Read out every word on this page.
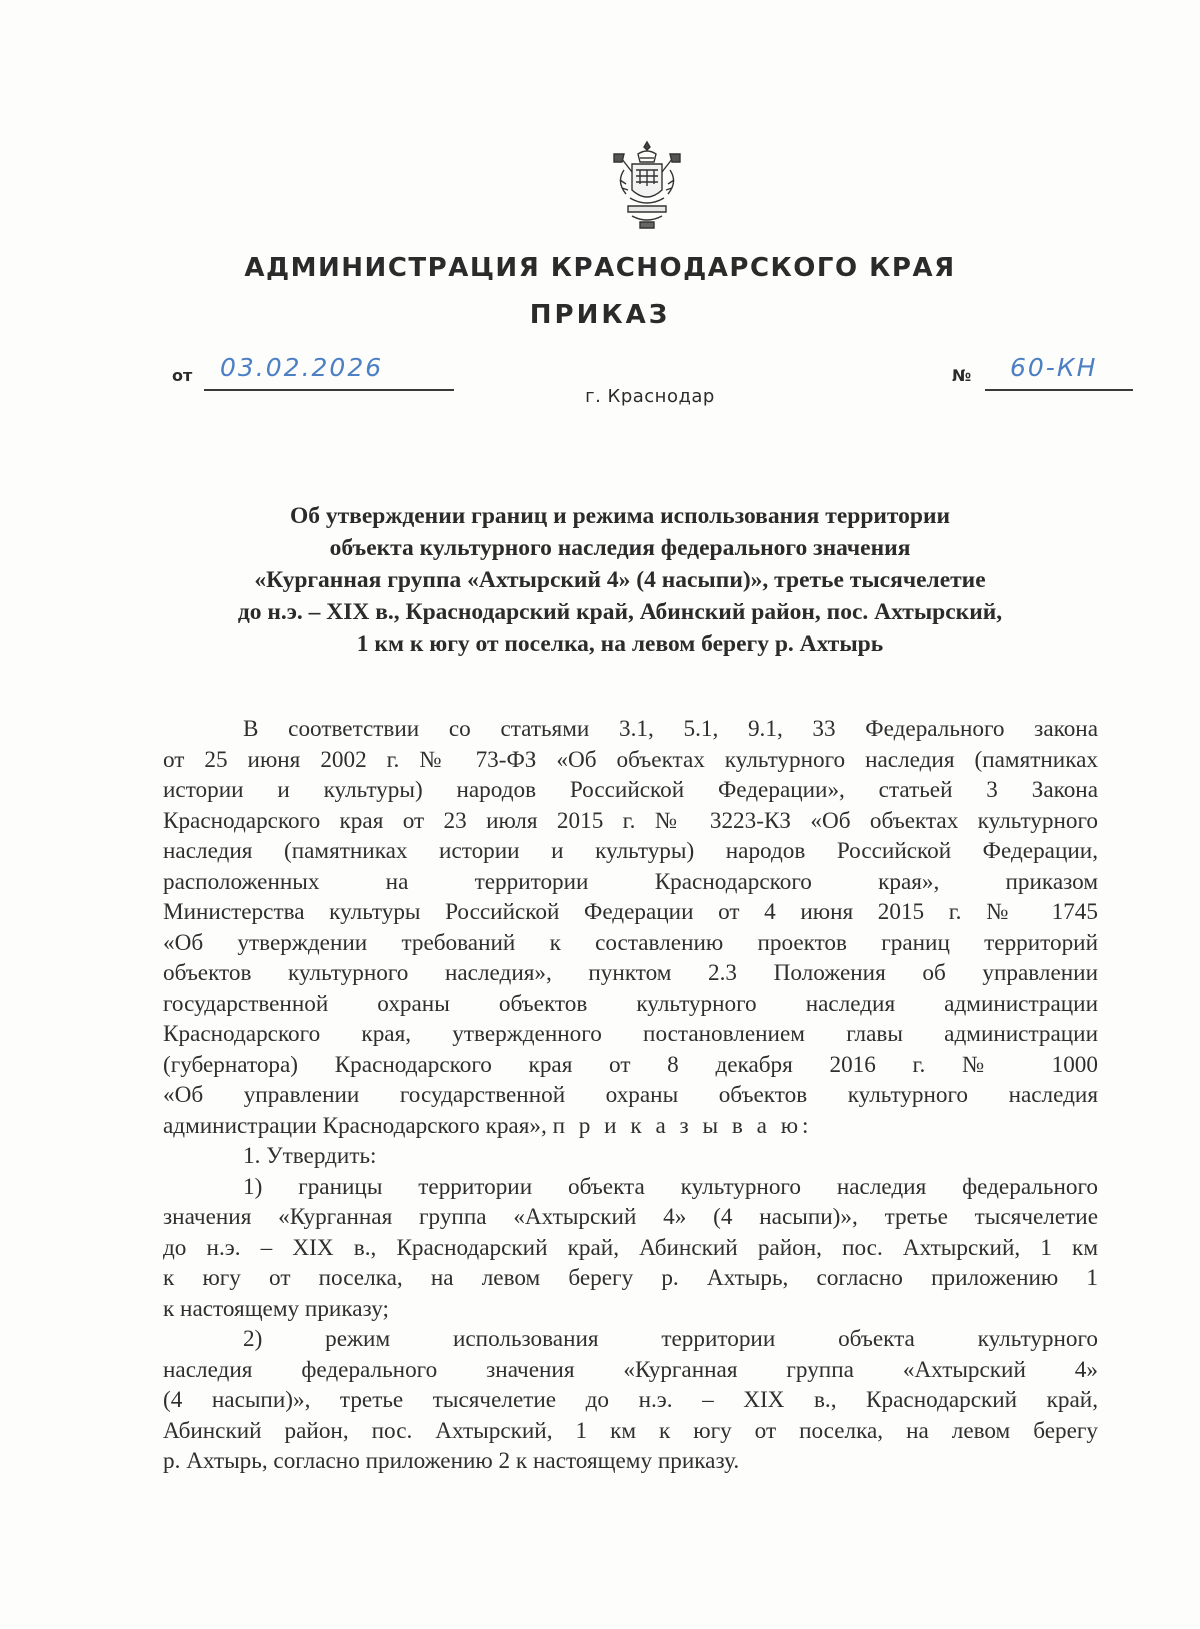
АДМИНИСТРАЦИЯ КРАСНОДАРСКОГО КРАЯ
ПРИКАЗ
от 03.02.2026	№ 60-КН
г. Краснодар
Об утверждении границ и режима использования территории
объекта культурного наследия федерального значения
«Курганная группа «Ахтырский 4» (4 насыпи)», третье тысячелетие
до н.э. – XIX в., Краснодарский край, Абинский район, пос. Ахтырский,
1 км к югу от поселка, на левом берегу р. Ахтырь
В соответствии со статьями 3.1, 5.1, 9.1, 33 Федерального закона
от 25 июня 2002 г. № 73-ФЗ «Об объектах культурного наследия (памятниках
истории и культуры) народов Российской Федерации», статьей 3 Закона
Краснодарского края от 23 июля 2015 г. № 3223-КЗ «Об объектах культурного
наследия (памятниках истории и культуры) народов Российской Федерации,
расположенных на территории Краснодарского края», приказом
Министерства культуры Российской Федерации от 4 июня 2015 г. № 1745
«Об утверждении требований к составлению проектов границ территорий
объектов культурного наследия», пунктом 2.3 Положения об управлении
государственной охраны объектов культурного наследия администрации
Краснодарского края, утвержденного постановлением главы администрации
(губернатора) Краснодарского края от 8 декабря 2016 г. № 1000
«Об управлении государственной охраны объектов культурного наследия
администрации Краснодарского края», п р и к а з ы в а ю:
1. Утвердить:
1) границы территории объекта культурного наследия федерального
значения «Курганная группа «Ахтырский 4» (4 насыпи)», третье тысячелетие
до н.э. – XIX в., Краснодарский край, Абинский район, пос. Ахтырский, 1 км
к югу от поселка, на левом берегу р. Ахтырь, согласно приложению 1
к настоящему приказу;
2) режим использования территории объекта культурного
наследия федерального значения «Курганная группа «Ахтырский 4»
(4 насыпи)», третье тысячелетие до н.э. – XIX в., Краснодарский край,
Абинский район, пос. Ахтырский, 1 км к югу от поселка, на левом берегу
р. Ахтырь, согласно приложению 2 к настоящему приказу.
